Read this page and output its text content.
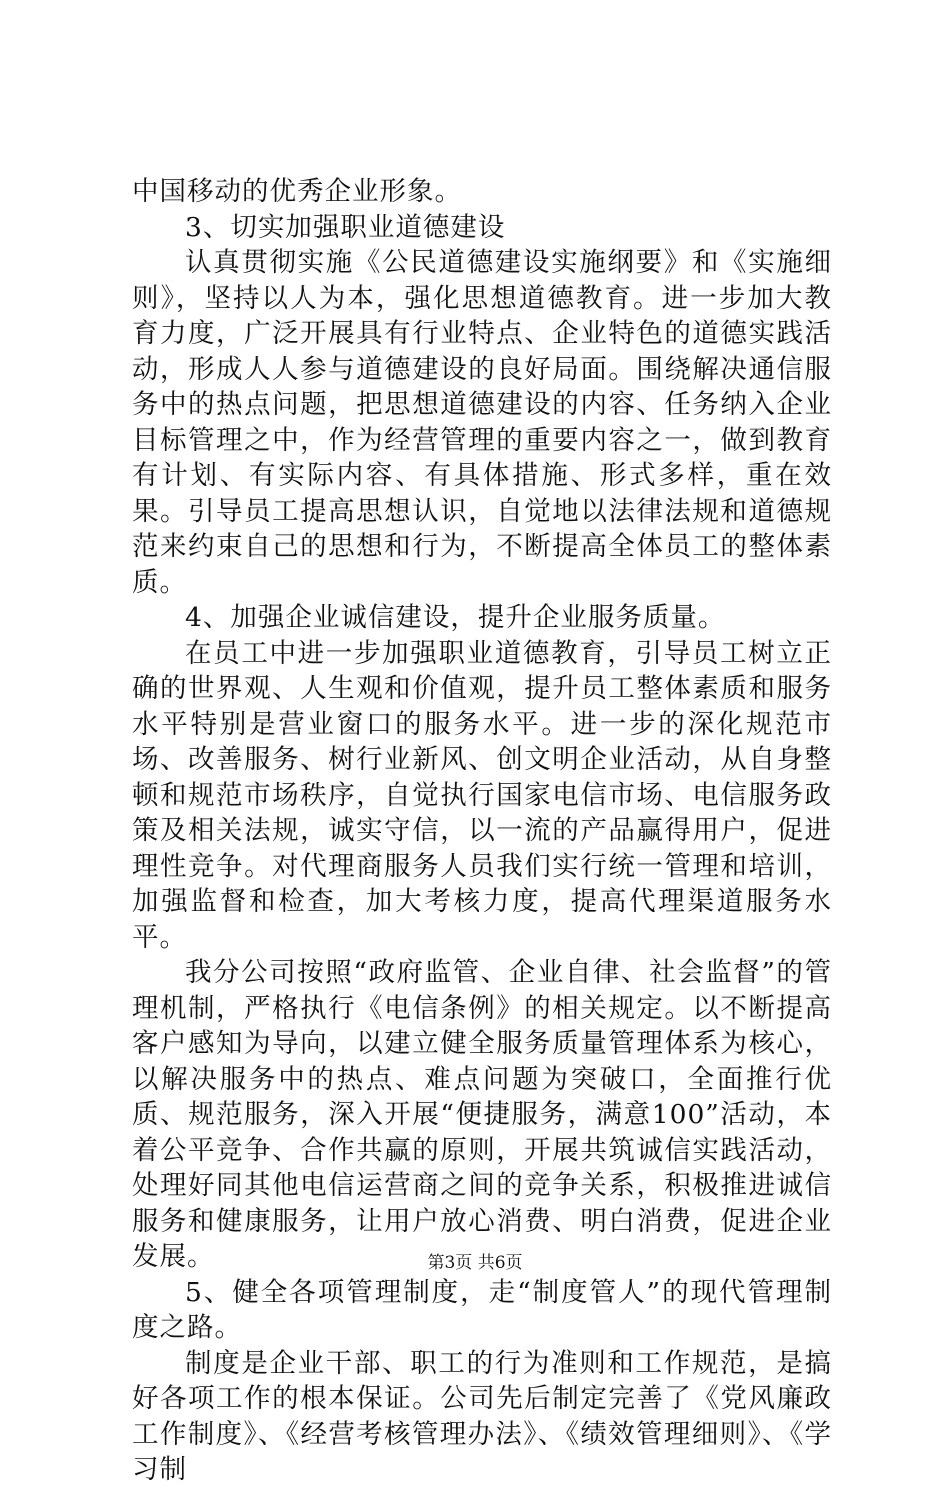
中国移动的优秀企业形象。

3、切实加强职业道德建设

认真贯彻实施《公民道德建设实施纲要》和《实施细则》，坚持以人为本，强化思想道德教育。进一步加大教育力度，广泛开展具有行业特点、企业特色的道德实践活动，形成人人参与道德建设的良好局面。围绕解决通信服务中的热点问题，把思想道德建设的内容、任务纳入企业目标管理之中，作为经营管理的重要内容之一，做到教育有计划、有实际内容、有具体措施、形式多样，重在效果。引导员工提高思想认识，自觉地以法律法规和道德规范来约束自己的思想和行为，不断提高全体员工的整体素质。

4、加强企业诚信建设，提升企业服务质量。

在员工中进一步加强职业道德教育，引导员工树立正确的世界观、人生观和价值观，提升员工整体素质和服务水平特别是营业窗口的服务水平。进一步的深化规范市场、改善服务、树行业新风、创文明企业活动，从自身整顿和规范市场秩序，自觉执行国家电信市场、电信服务政策及相关法规，诚实守信，以一流的产品赢得用户，促进理性竞争。对代理商服务人员我们实行统一管理和培训，加强监督和检查，加大考核力度，提高代理渠道服务水平。

我分公司按照“政府监管、企业自律、社会监督”的管理机制，严格执行《电信条例》的相关规定。以不断提高客户感知为导向，以建立健全服务质量管理体系为核心，以解决服务中的热点、难点问题为突破口，全面推行优质、规范服务，深入开展“便捷服务，满意100”活动，本着公平竞争、合作共赢的原则，开展共筑诚信实践活动，处理好同其他电信运营商之间的竞争关系，积极推进诚信服务和健康服务，让用户放心消费、明白消费，促进企业发展。

5、健全各项管理制度，走“制度管人”的现代管理制度之路。

制度是企业干部、职工的行为准则和工作规范，是搞好各项工作的根本保证。公司先后制定完善了《党风廉政工作制度》、《经营考核管理办法》、《绩效管理细则》、《学习制

第3页 共6页
